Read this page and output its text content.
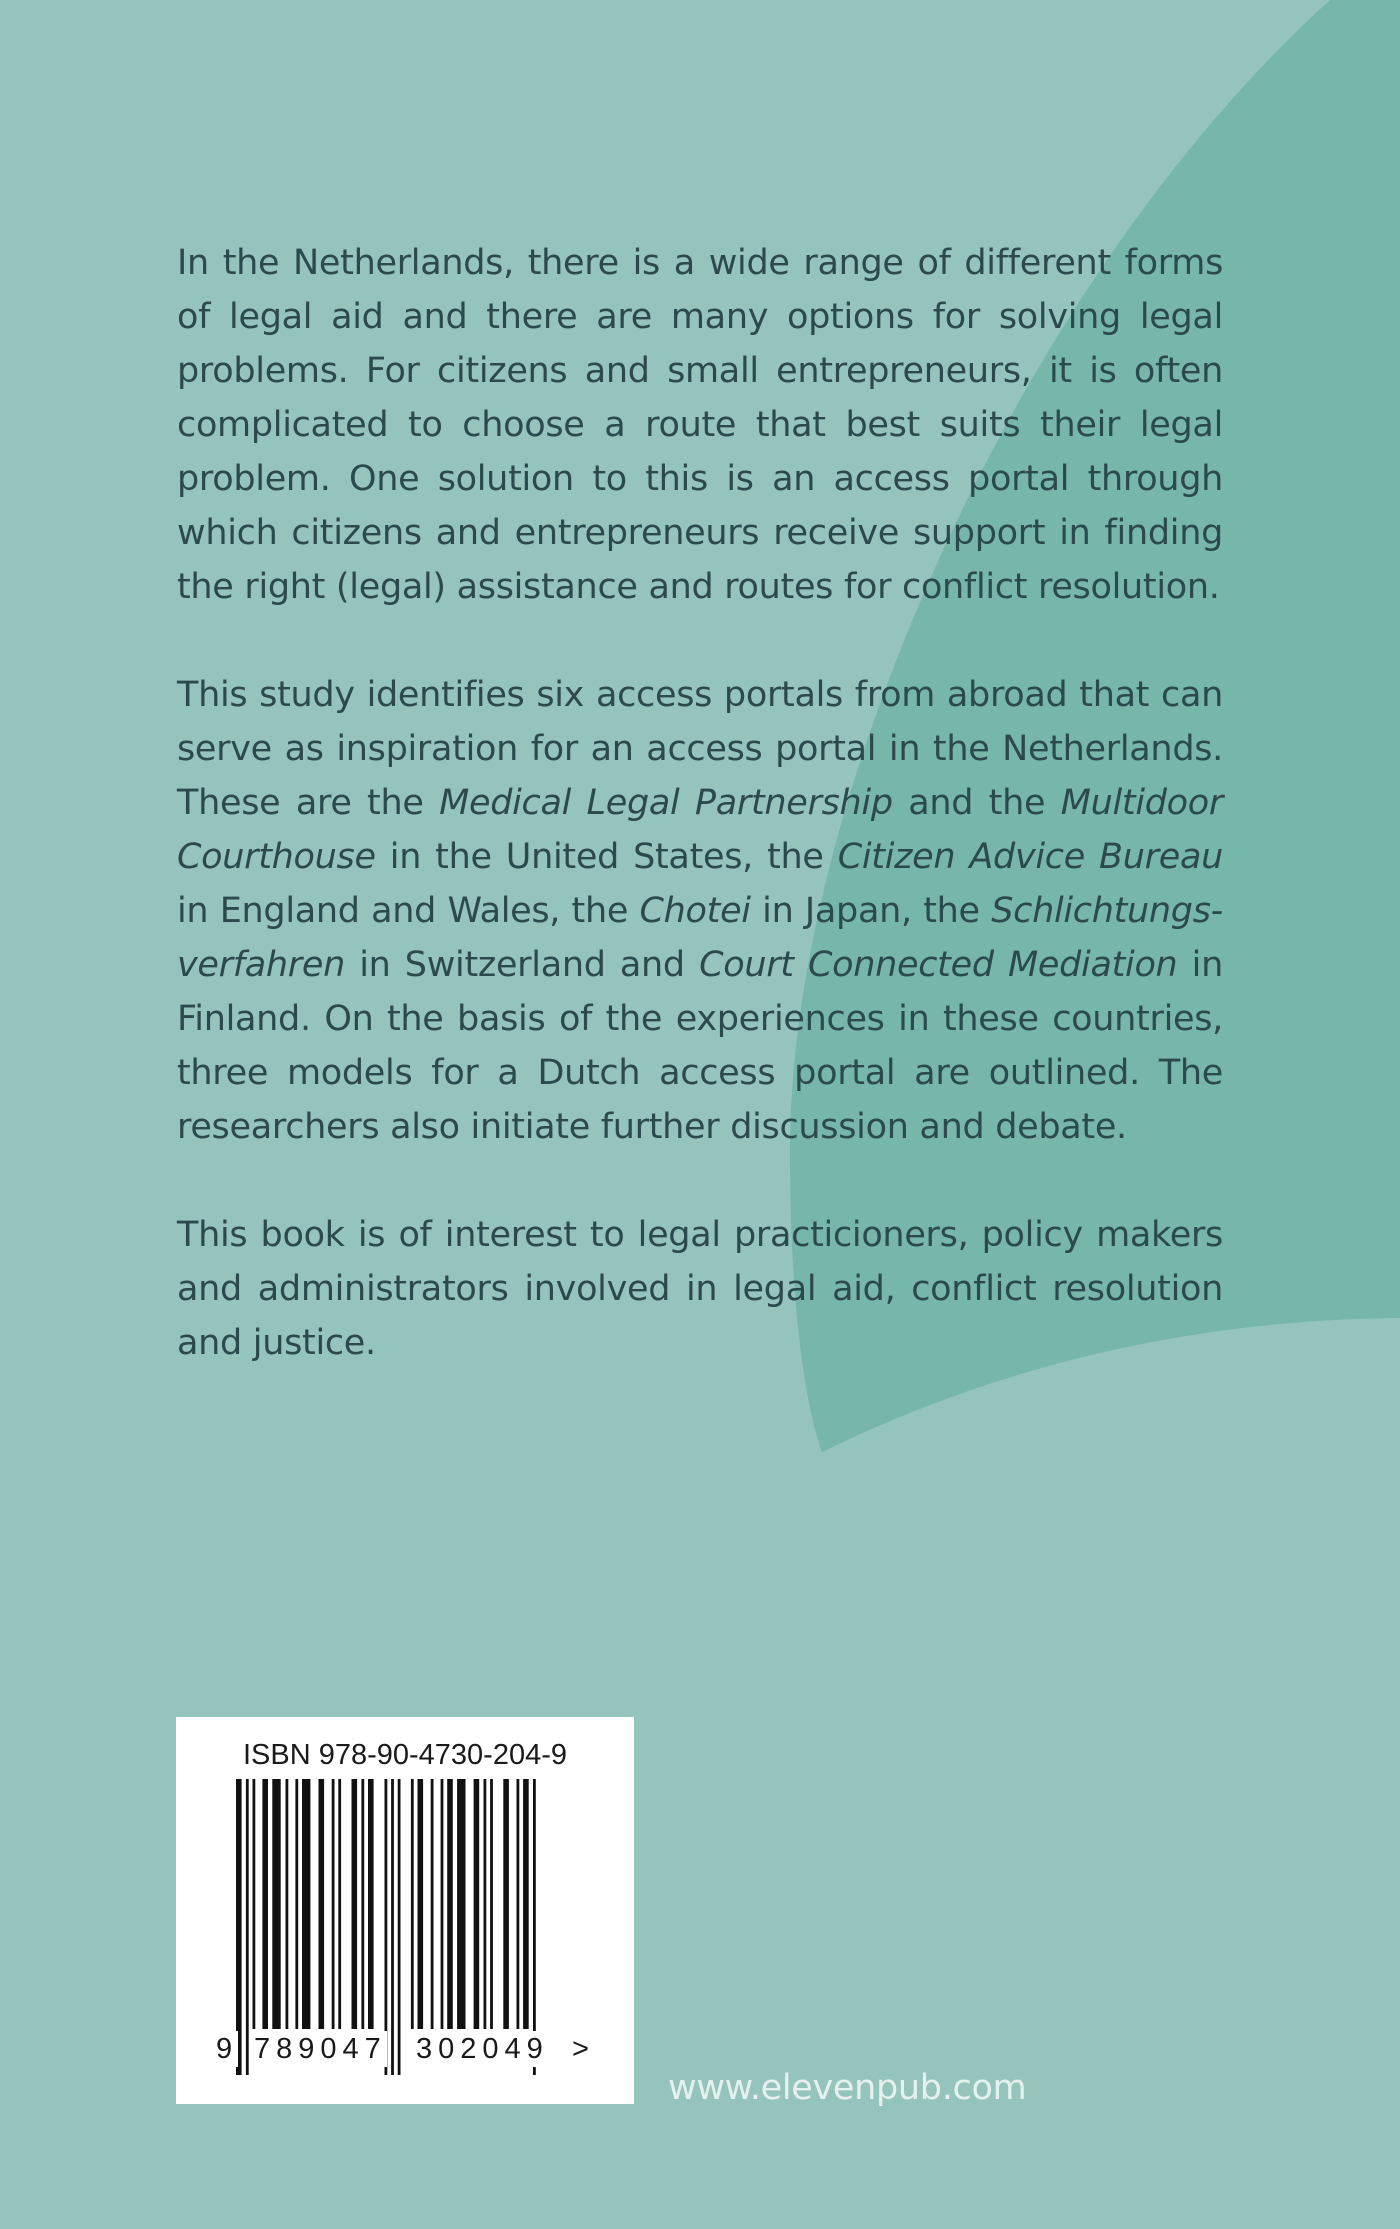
In the Netherlands, there is a wide range of different forms of legal aid and there are many options for solving legal problems. For citizens and small entrepreneurs, it is often complicated to choose a route that best suits their legal problem. One solution to this is an access portal through which citizens and entrepreneurs receive support in finding the right (legal) assistance and routes for conflict resolution.

This study identifies six access portals from abroad that can serve as inspiration for an access portal in the Netherlands. These are the Medical Legal Partnership and the Multidoor Courthouse in the United States, the Citizen Advice Bureau in England and Wales, the Chotei in Japan, the Schlichtungs-verfahren in Switzerland and Court Connected Mediation in Finland. On the basis of the experiences in these countries, three models for a Dutch access portal are outlined. The researchers also initiate further discussion and debate.

This book is of interest to legal practicioners, policy makers and administrators involved in legal aid, conflict resolution and justice.

ISBN 978-90-4730-204-9
9 789047 302049 >
www.elevenpub.com
